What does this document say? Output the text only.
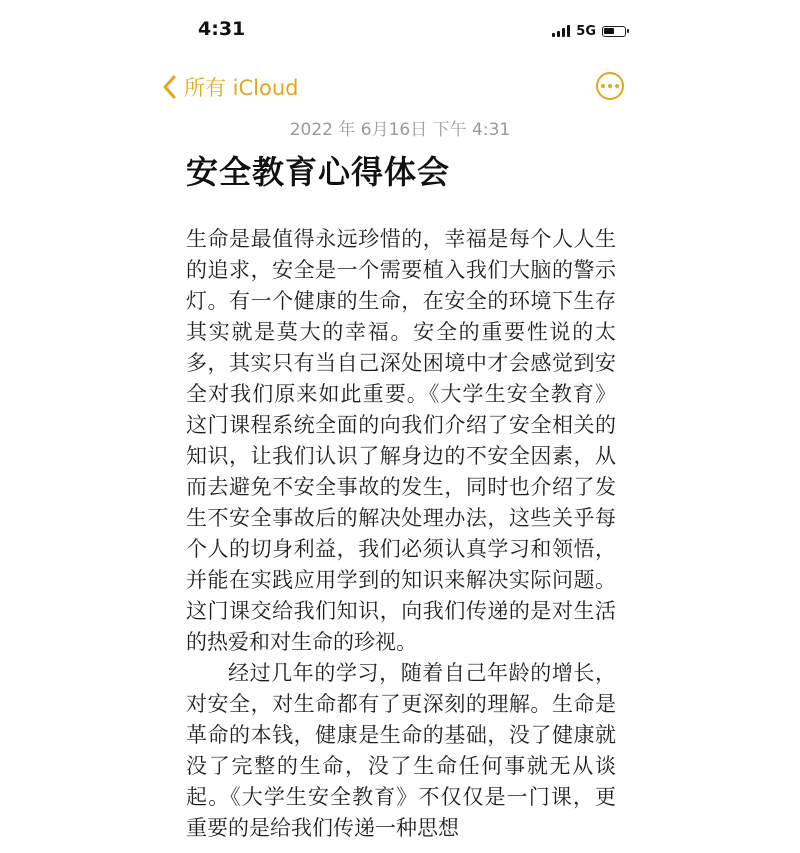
4:31	5G
所有 iCloud
2022 年 6月16日 下午 4:31
安全教育心得体会

生命是最值得永远珍惜的，幸福是每个人人生的追求，安全是一个需要植入我们大脑的警示灯。有一个健康的生命，在安全的环境下生存其实就是莫大的幸福。安全的重要性说的太多，其实只有当自己深处困境中才会感觉到安全对我们原来如此重要。《大学生安全教育》这门课程系统全面的向我们介绍了安全相关的知识，让我们认识了解身边的不安全因素，从而去避免不安全事故的发生，同时也介绍了发生不安全事故后的解决处理办法，这些关乎每个人的切身利益，我们必须认真学习和领悟，并能在实践应用学到的知识来解决实际问题。这门课交给我们知识，向我们传递的是对生活的热爱和对生命的珍视。

经过几年的学习，随着自己年龄的增长，对安全，对生命都有了更深刻的理解。生命是革命的本钱，健康是生命的基础，没了健康就没了完整的生命，没了生命任何事就无从谈起。《大学生安全教育》不仅仅是一门课，更重要的是给我们传递一种思想
